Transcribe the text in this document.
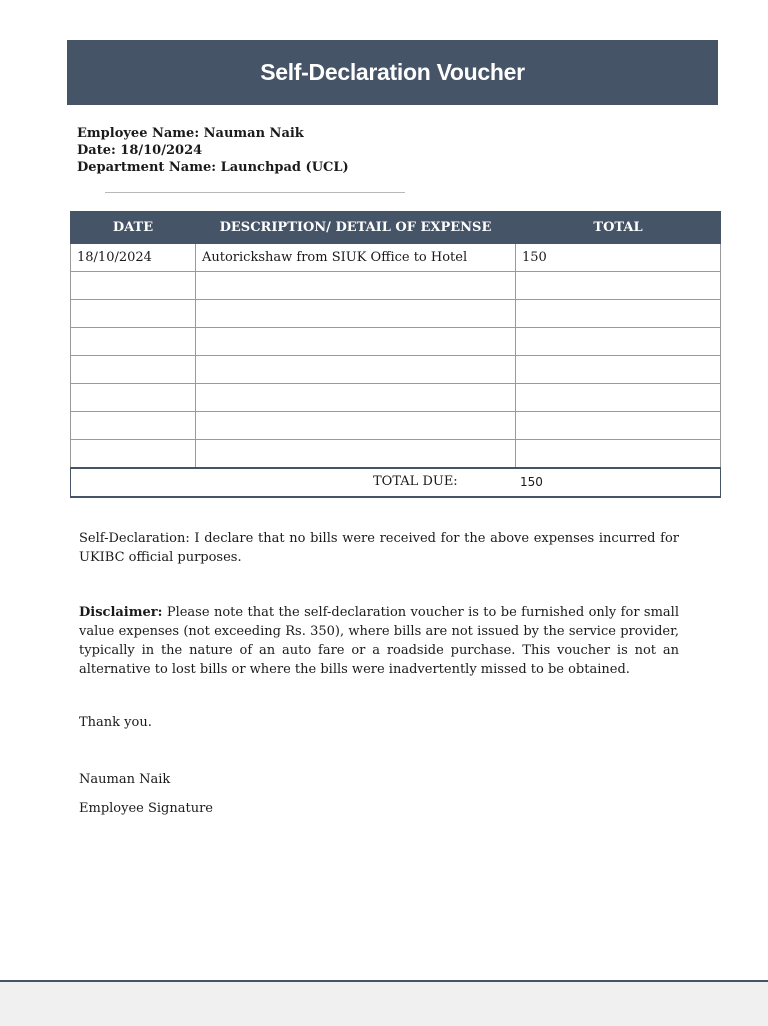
Self-Declaration Voucher
Employee Name: Nauman Naik
Date: 18/10/2024
Department Name: Launchpad (UCL)
DATE	DESCRIPTION/ DETAIL OF EXPENSE	TOTAL
18/10/2024	Autorickshaw from SIUK Office to Hotel	150

TOTAL DUE: 150		
Self-Declaration: I declare that no bills were received for the above expenses incurred for UKIBC official purposes.
Disclaimer: Please note that the self-declaration voucher is to be furnished only for small value expenses (not exceeding Rs. 350), where bills are not issued by the service provider, typically in the nature of an auto fare or a roadside purchase. This voucher is not an alternative to lost bills or where the bills were inadvertently missed to be obtained.
Thank you.
Nauman Naik
Employee Signature
